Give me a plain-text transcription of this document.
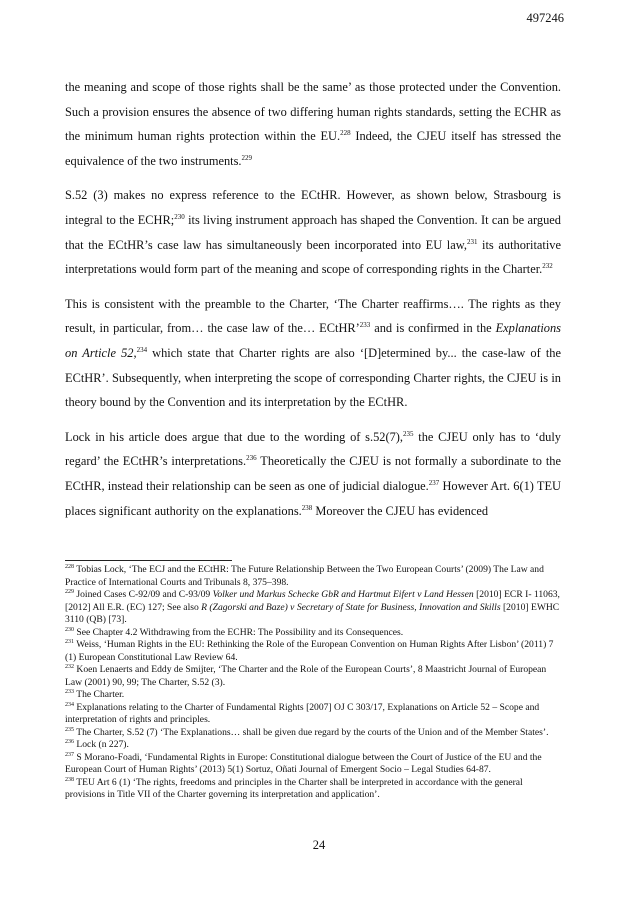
497246

the meaning and scope of those rights shall be the same’ as those protected under the Convention. Such a provision ensures the absence of two differing human rights standards, setting the ECHR as the minimum human rights protection within the EU.$^{228}$ Indeed, the CJEU itself has stressed the equivalence of the two instruments.$^{229}$

S.52 (3) makes no express reference to the ECtHR. However, as shown below, Strasbourg is integral to the ECHR;$^{230}$ its living instrument approach has shaped the Convention. It can be argued that the ECtHR’s case law has simultaneously been incorporated into EU law,$^{231}$ its authoritative interpretations would form part of the meaning and scope of corresponding rights in the Charter.$^{232}$

This is consistent with the preamble to the Charter, ‘The Charter reaffirms…. The rights as they result, in particular, from… the case law of the… ECtHR’$^{233}$ and is confirmed in the Explanations on Article 52,$^{234}$ which state that Charter rights are also ‘[D]etermined by... the case-law of the ECtHR’. Subsequently, when interpreting the scope of corresponding Charter rights, the CJEU is in theory bound by the Convention and its interpretation by the ECtHR.

Lock in his article does argue that due to the wording of s.52(7),$^{235}$ the CJEU only has to ‘duly regard’ the ECtHR’s interpretations.$^{236}$ Theoretically the CJEU is not formally a subordinate to the ECtHR, instead their relationship can be seen as one of judicial dialogue.$^{237}$ However Art. 6(1) TEU places significant authority on the explanations.$^{238}$ Moreover the CJEU has evidenced

$^{228}$ Tobias Lock, ‘The ECJ and the ECtHR: The Future Relationship Between the Two European Courts’ (2009) The Law and Practice of International Courts and Tribunals 8, 375–398.
$^{229}$ Joined Cases C-92/09 and C-93/09 Volker und Markus Schecke GbR and Hartmut Eifert v Land Hessen [2010] ECR I- 11063, [2012] All E.R. (EC) 127; See also R (Zagorski and Baze) v Secretary of State for Business, Innovation and Skills [2010] EWHC 3110 (QB) [73].
$^{230}$ See Chapter 4.2 Withdrawing from the ECHR: The Possibility and its Consequences.
$^{231}$ Weiss, ‘Human Rights in the EU: Rethinking the Role of the European Convention on Human Rights After Lisbon’ (2011) 7 (1) European Constitutional Law Review 64.
$^{232}$ Koen Lenaerts and Eddy de Smijter, ‘The Charter and the Role of the European Courts’, 8 Maastricht Journal of European Law (2001) 90, 99; The Charter, S.52 (3).
$^{233}$ The Charter.
$^{234}$ Explanations relating to the Charter of Fundamental Rights [2007] OJ C 303/17, Explanations on Article 52 – Scope and interpretation of rights and principles.
$^{235}$ The Charter, S.52 (7) ‘The Explanations… shall be given due regard by the courts of the Union and of the Member States’.
$^{236}$ Lock (n 227).
$^{237}$ S Morano-Foadi, ‘Fundamental Rights in Europe: Constitutional dialogue between the Court of Justice of the EU and the European Court of Human Rights’ (2013) 5(1) Sortuz, Oñati Journal of Emergent Socio – Legal Studies 64-87.
$^{238}$ TEU Art 6 (1) ‘The rights, freedoms and principles in the Charter shall be interpreted in accordance with the general provisions in Title VII of the Charter governing its interpretation and application’.
24
